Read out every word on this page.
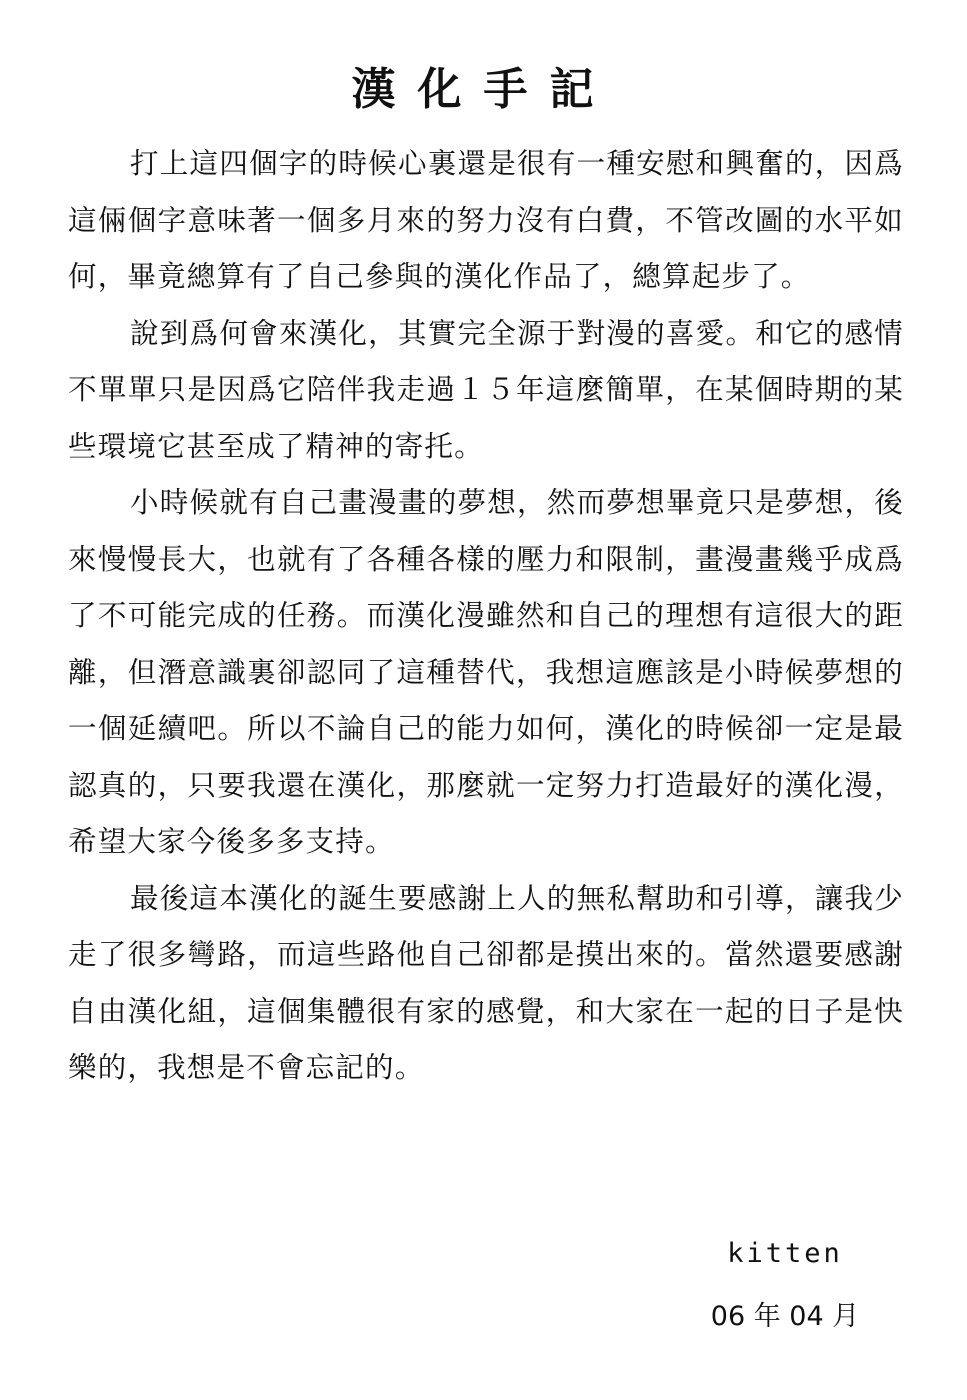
漢化手記

打上這四個字的時候心裏還是很有一種安慰和興奮的，因爲這倆個字意味著一個多月來的努力沒有白費，不管改圖的水平如何，畢竟總算有了自己參與的漢化作品了，總算起步了。

說到爲何會來漢化，其實完全源于對漫的喜愛。和它的感情不單單只是因爲它陪伴我走過１５年這麼簡單，在某個時期的某些環境它甚至成了精神的寄托。

小時候就有自己畫漫畫的夢想，然而夢想畢竟只是夢想，後來慢慢長大，也就有了各種各樣的壓力和限制，畫漫畫幾乎成爲了不可能完成的任務。而漢化漫雖然和自己的理想有這很大的距離，但潛意識裏卻認同了這種替代，我想這應該是小時候夢想的一個延續吧。所以不論自己的能力如何，漢化的時候卻一定是最認真的，只要我還在漢化，那麼就一定努力打造最好的漢化漫，希望大家今後多多支持。

最後這本漢化的誕生要感謝上人的無私幫助和引導，讓我少走了很多彎路，而這些路他自己卻都是摸出來的。當然還要感謝自由漢化組，這個集體很有家的感覺，和大家在一起的日子是快樂的，我想是不會忘記的。

kitten
06 年 04 月
